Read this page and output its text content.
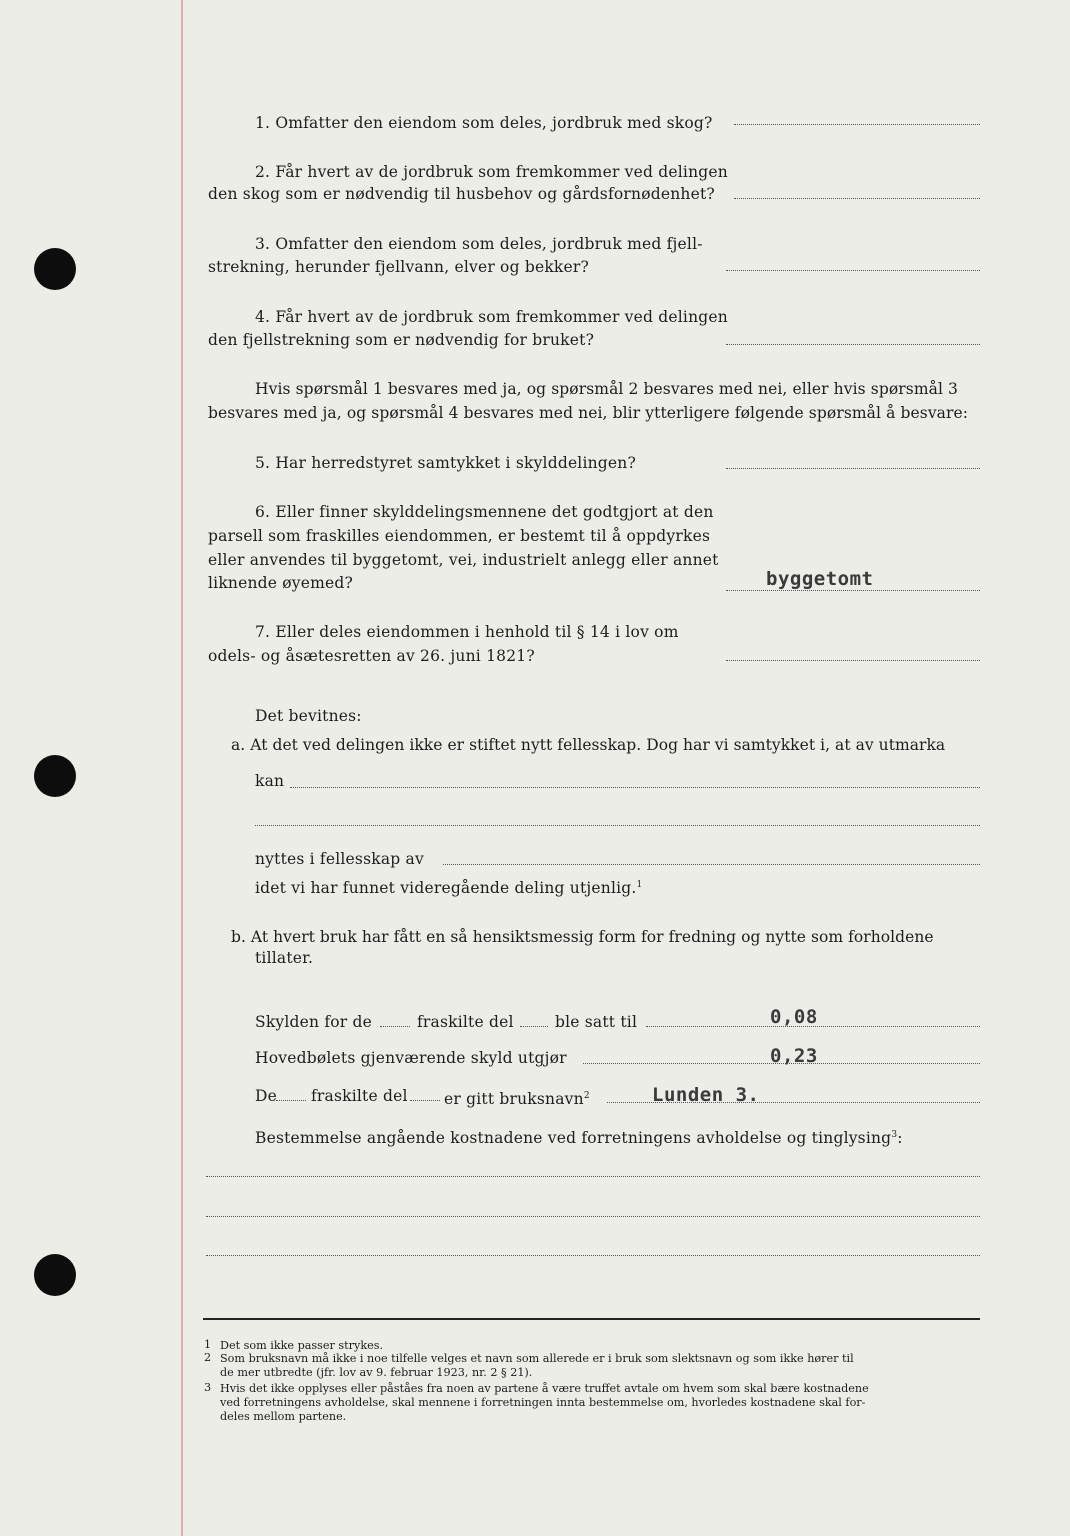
1. Omfatter den eiendom som deles, jordbruk med skog?
2. Får hvert av de jordbruk som fremkommer ved delingen
den skog som er nødvendig til husbehov og gårdsfornødenhet?
3. Omfatter den eiendom som deles, jordbruk med fjell-
strekning, herunder fjellvann, elver og bekker?
4. Får hvert av de jordbruk som fremkommer ved delingen
den fjellstrekning som er nødvendig for bruket?
Hvis spørsmål 1 besvares med ja, og spørsmål 2 besvares med nei, eller hvis spørsmål 3
besvares med ja, og spørsmål 4 besvares med nei, blir ytterligere følgende spørsmål å besvare:
5. Har herredstyret samtykket i skylddelingen?
6. Eller finner skylddelingsmennene det godtgjort at den
parsell som fraskilles eiendommen, er bestemt til å oppdyrkes
eller anvendes til byggetomt, vei, industrielt anlegg eller annet
liknende øyemed?	byggetomt
7. Eller deles eiendommen i henhold til § 14 i lov om
odels- og åsætesretten av 26. juni 1821?
Det bevitnes:
a. At det ved delingen ikke er stiftet nytt fellesskap. Dog har vi samtykket i, at av utmarka
kan
nyttes i fellesskap av
idet vi har funnet videregående deling utjenlig.$^1$
b. At hvert bruk har fått en så hensiktsmessig form for fredning og nytte som forholdene
tillater.
Skylden for de	fraskilte del	ble satt til	0,08
Hovedbølets gjenværende skyld utgjør	0,23
De fraskilte del er gitt bruksnavn$^2$	Lunden 3.
Bestemmelse angående kostnadene ved forretningens avholdelse og tinglysing$^3$:
1 Det som ikke passer strykes.
2 Som bruksnavn må ikke i noe tilfelle velges et navn som allerede er i bruk som slektsnavn og som ikke hører til
de mer utbredte (jfr. lov av 9. februar 1923, nr. 2 § 21).
3 Hvis det ikke opplyses eller påståes fra noen av partene å være truffet avtale om hvem som skal bære kostnadene
ved forretningens avholdelse, skal mennene i forretningen innta bestemmelse om, hvorledes kostnadene skal for-
deles mellom partene.
